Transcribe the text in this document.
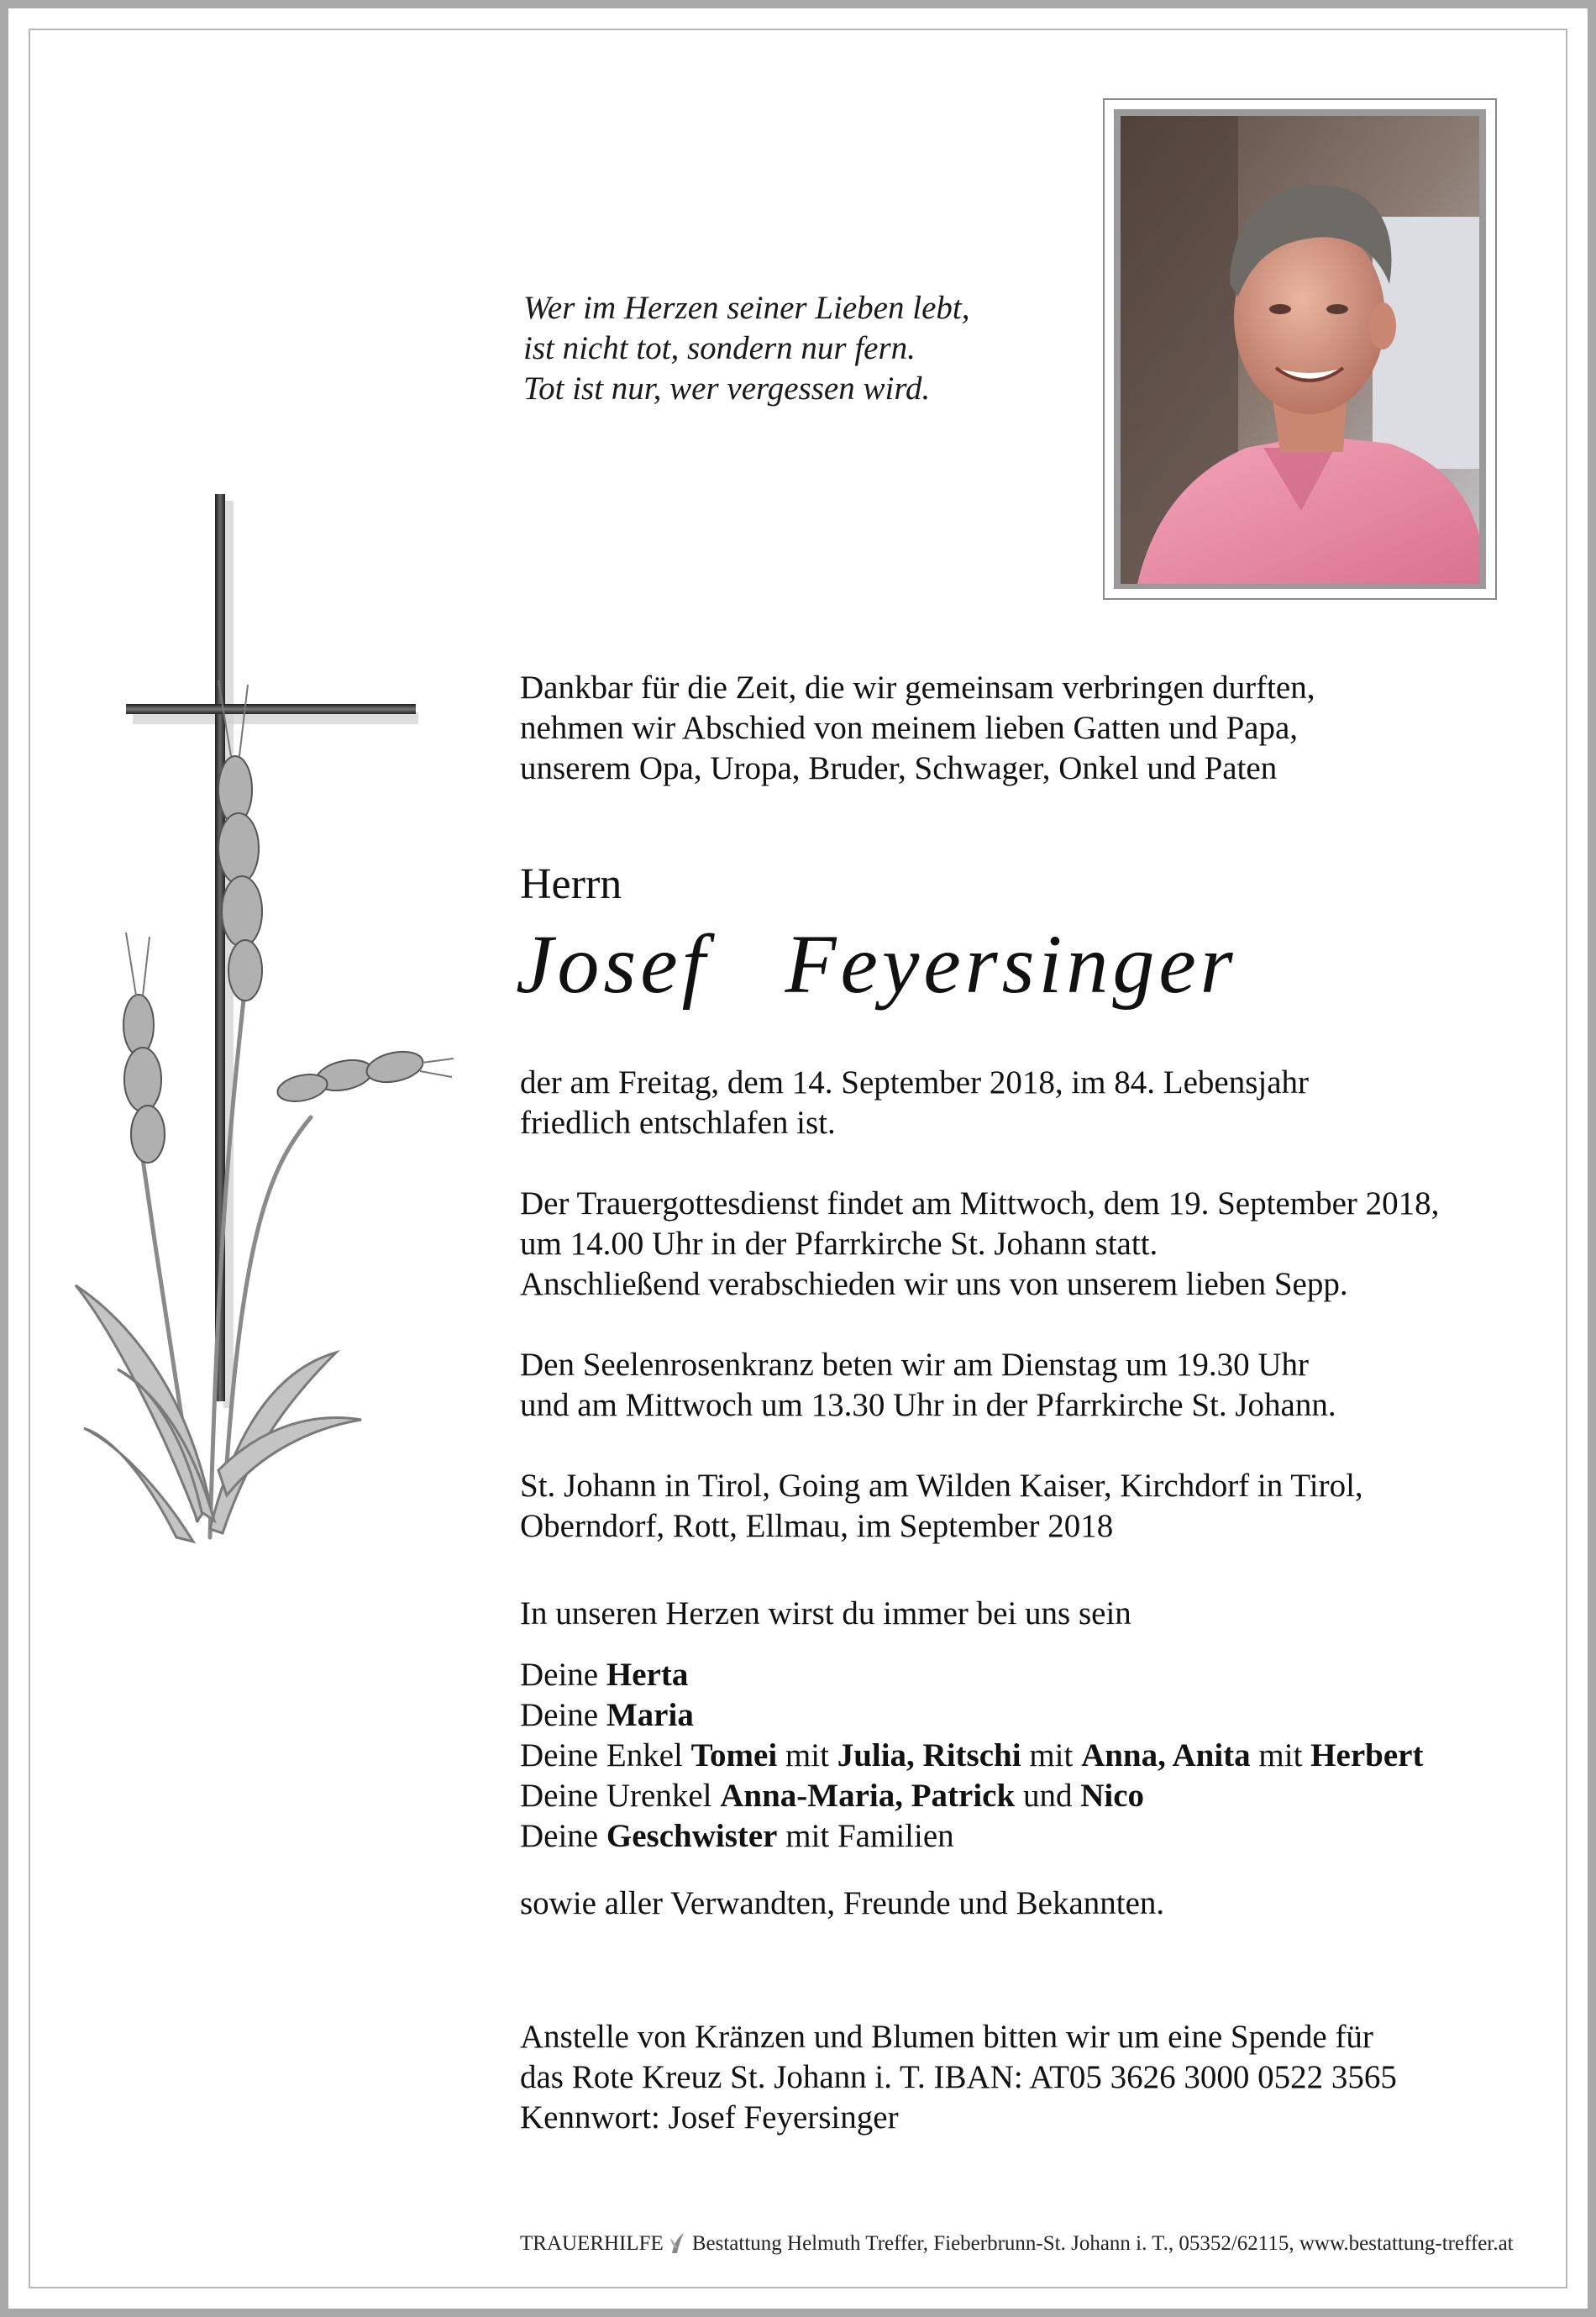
Wer im Herzen seiner Lieben lebt,
ist nicht tot, sondern nur fern.
Tot ist nur, wer vergessen wird.
Dankbar für die Zeit, die wir gemeinsam verbringen durften,
nehmen wir Abschied von meinem lieben Gatten und Papa,
unserem Opa, Uropa, Bruder, Schwager, Onkel und Paten
Herrn
Josef Feyersinger
der am Freitag, dem 14. September 2018, im 84. Lebensjahr
friedlich entschlafen ist.
Der Trauergottesdienst findet am Mittwoch, dem 19. September 2018,
um 14.00 Uhr in der Pfarrkirche St. Johann statt.
Anschließend verabschieden wir uns von unserem lieben Sepp.
Den Seelenrosenkranz beten wir am Dienstag um 19.30 Uhr
und am Mittwoch um 13.30 Uhr in der Pfarrkirche St. Johann.
St. Johann in Tirol, Going am Wilden Kaiser, Kirchdorf in Tirol,
Oberndorf, Rott, Ellmau, im September 2018
In unseren Herzen wirst du immer bei uns sein
Deine Herta
Deine Maria
Deine Enkel Tomei mit Julia, Ritschi mit Anna, Anita mit Herbert
Deine Urenkel Anna-Maria, Patrick und Nico
Deine Geschwister mit Familien
sowie aller Verwandten, Freunde und Bekannten.
Anstelle von Kränzen und Blumen bitten wir um eine Spende für
das Rote Kreuz St. Johann i. T. IBAN: AT05 3626 3000 0522 3565
Kennwort: Josef Feyersinger
TRAUERHILFE Bestattung Helmuth Treffer, Fieberbrunn-St. Johann i. T., 05352/62115, www.bestattung-treffer.at
